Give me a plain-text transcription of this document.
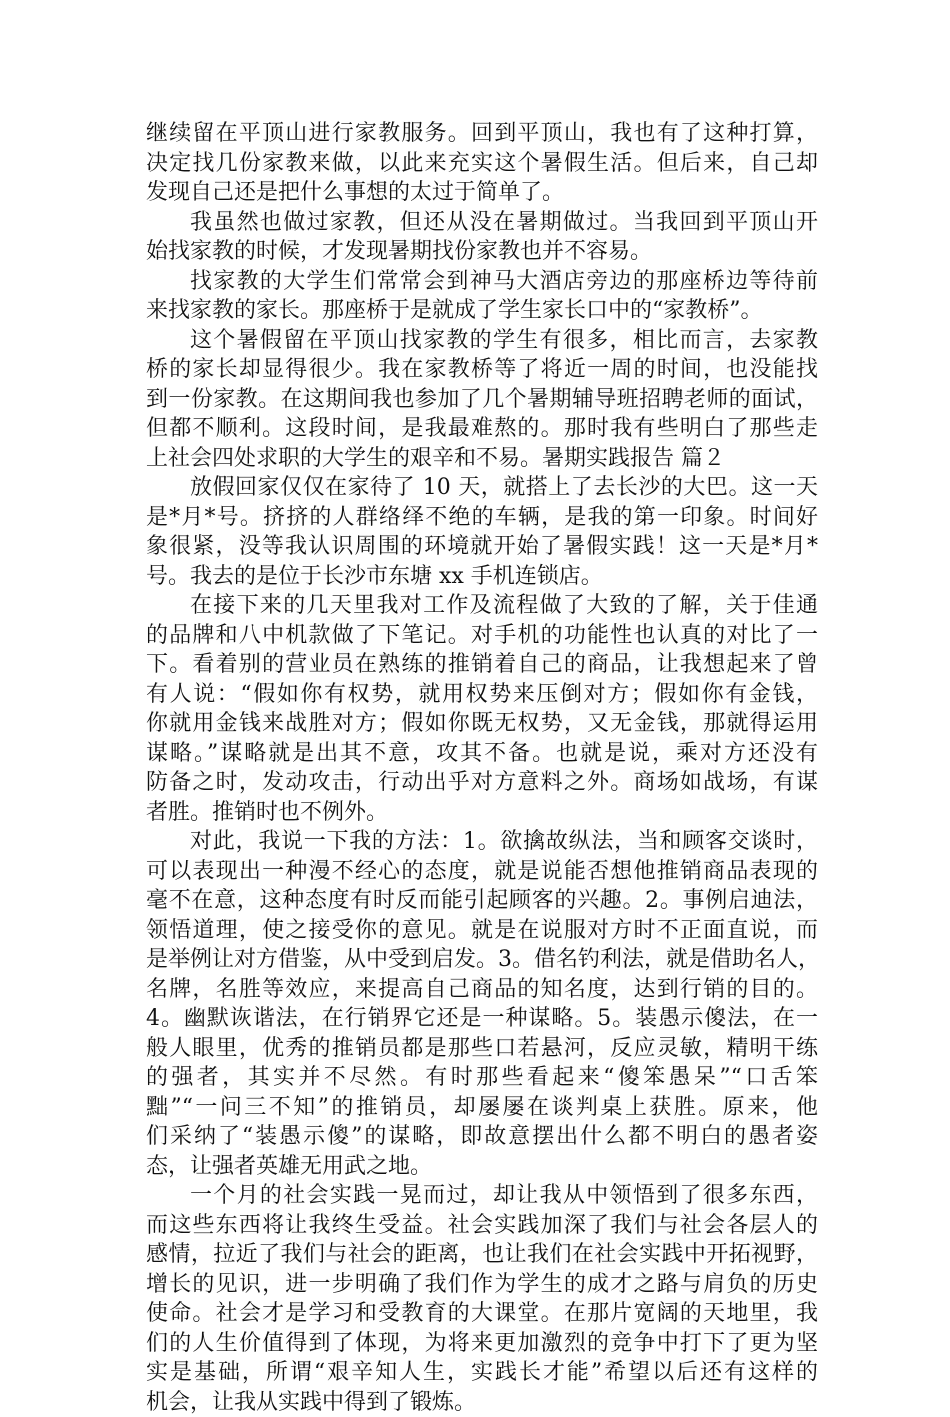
继续留在平顶山进行家教服务。回到平顶山，我也有了这种打算，
决定找几份家教来做，以此来充实这个暑假生活。但后来，自己却
发现自己还是把什么事想的太过于简单了。
我虽然也做过家教，但还从没在暑期做过。当我回到平顶山开
始找家教的时候，才发现暑期找份家教也并不容易。
找家教的大学生们常常会到神马大酒店旁边的那座桥边等待前
来找家教的家长。那座桥于是就成了学生家长口中的“家教桥”。
这个暑假留在平顶山找家教的学生有很多，相比而言，去家教
桥的家长却显得很少。我在家教桥等了将近一周的时间，也没能找
到一份家教。在这期间我也参加了几个暑期辅导班招聘老师的面试，
但都不顺利。这段时间，是我最难熬的。那时我有些明白了那些走
上社会四处求职的大学生的艰辛和不易。暑期实践报告 篇２
放假回家仅仅在家待了 10 天，就搭上了去长沙的大巴。这一天
是*月*号。挤挤的人群络绎不绝的车辆，是我的第一印象。时间好
象很紧，没等我认识周围的环境就开始了暑假实践！这一天是*月*
号。我去的是位于长沙市东塘 xx 手机连锁店。
在接下来的几天里我对工作及流程做了大致的了解，关于佳通
的品牌和八中机款做了下笔记。对手机的功能性也认真的对比了一
下。看着别的营业员在熟练的推销着自己的商品，让我想起来了曾
有人说：“假如你有权势，就用权势来压倒对方；假如你有金钱，
你就用金钱来战胜对方；假如你既无权势，又无金钱，那就得运用
谋略。”谋略就是出其不意，攻其不备。也就是说，乘对方还没有
防备之时，发动攻击，行动出乎对方意料之外。商场如战场，有谋
者胜。推销时也不例外。
对此，我说一下我的方法：1。欲擒故纵法，当和顾客交谈时，
可以表现出一种漫不经心的态度，就是说能否想他推销商品表现的
毫不在意，这种态度有时反而能引起顾客的兴趣。2。事例启迪法，
领悟道理，使之接受你的意见。就是在说服对方时不正面直说，而
是举例让对方借鉴，从中受到启发。3。借名钓利法，就是借助名人，
名牌，名胜等效应，来提高自己商品的知名度，达到行销的目的。
4。幽默诙谐法，在行销界它还是一种谋略。5。装愚示傻法，在一
般人眼里，优秀的推销员都是那些口若悬河，反应灵敏，精明干练
的强者，其实并不尽然。有时那些看起来“傻笨愚呆”“口舌笨
黜”“一问三不知”的推销员，却屡屡在谈判桌上获胜。原来，他
们采纳了“装愚示傻”的谋略，即故意摆出什么都不明白的愚者姿
态，让强者英雄无用武之地。
一个月的社会实践一晃而过，却让我从中领悟到了很多东西，
而这些东西将让我终生受益。社会实践加深了我们与社会各层人的
感情，拉近了我们与社会的距离，也让我们在社会实践中开拓视野，
增长的见识，进一步明确了我们作为学生的成才之路与肩负的历史
使命。社会才是学习和受教育的大课堂。在那片宽阔的天地里，我
们的人生价值得到了体现，为将来更加激烈的竞争中打下了更为坚
实是基础，所谓“艰辛知人生，实践长才能”希望以后还有这样的
机会，让我从实践中得到了锻炼。
